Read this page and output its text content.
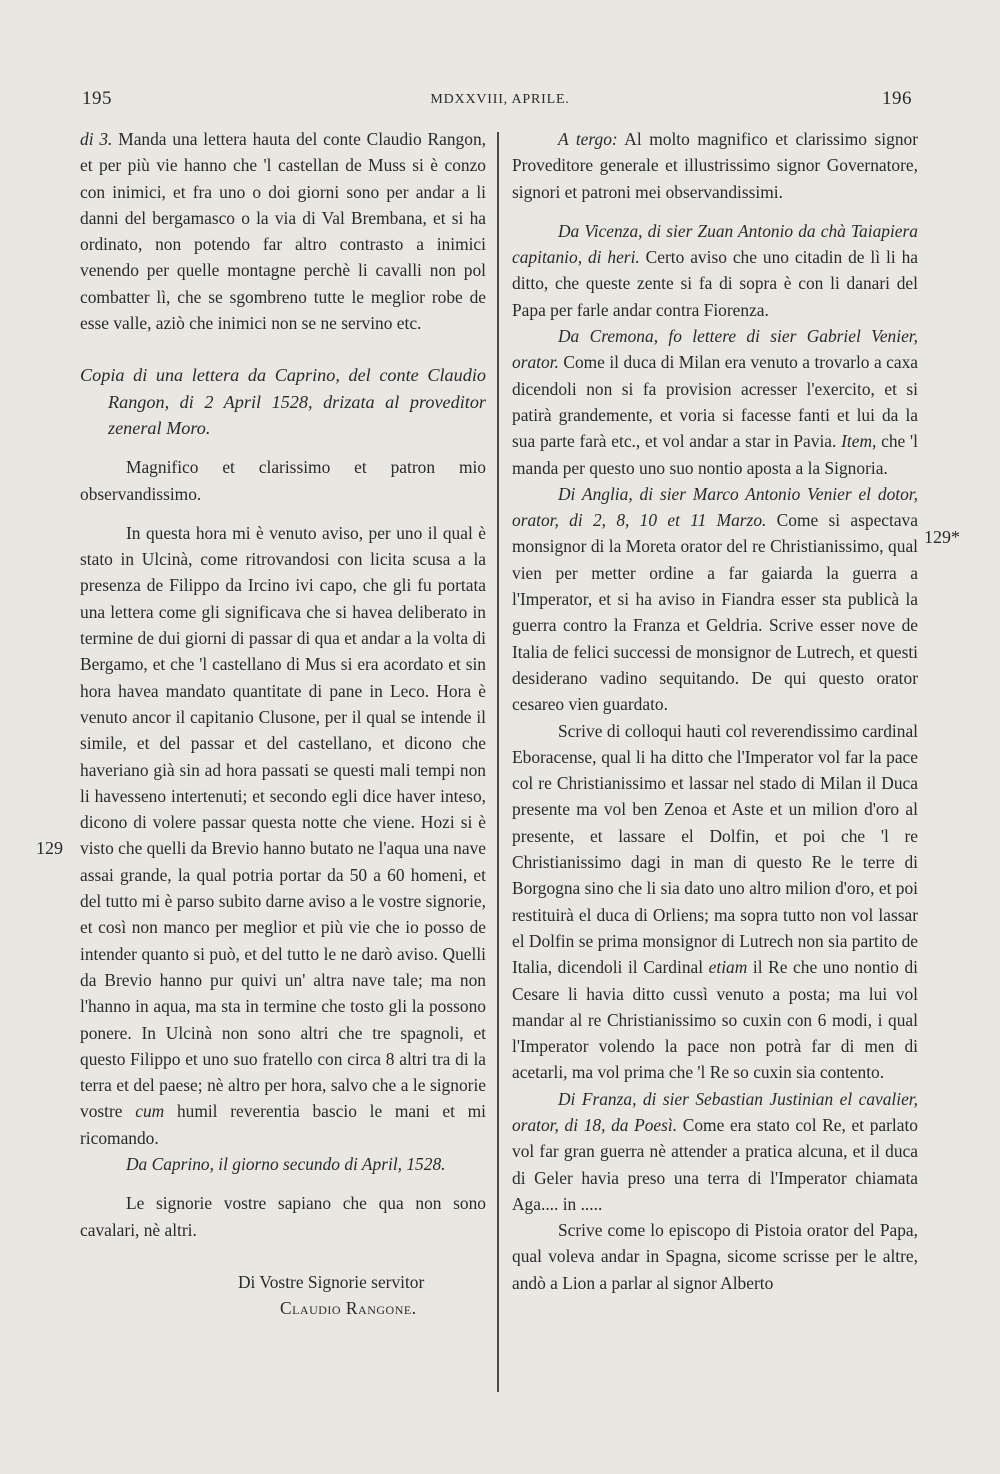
195	MDXXVIII, APRILE.	196
129
129*

di 3. Manda una lettera hauta del conte Claudio Rangon, et per più vie hanno che 'l castellan de Muss si è conzo con inimici, et fra uno o doi giorni sono per andar a li danni del bergamasco o la via di Val Brembana, et si ha ordinato, non potendo far altro contrasto a inimici venendo per quelle montagne perchè li cavalli non pol combatter lì, che se sgombreno tutte le meglior robe de esse valle, aziò che inimici non se ne servino etc.

Copia di una lettera da Caprino, del conte Claudio Rangon, di 2 April 1528, drizata al proveditor zeneral Moro.

Magnifico et clarissimo et patron mio observandissimo.

In questa hora mi è venuto aviso, per uno il qual è stato in Ulcinà, come ritrovandosi con licita scusa a la presenza de Filippo da Ircino ivi capo, che gli fu portata una lettera come gli significava che si havea deliberato in termine de dui giorni di passar di qua et andar a la volta di Bergamo, et che 'l castellano di Mus si era acordato et sin hora havea mandato quantitate di pane in Leco. Hora è venuto ancor il capitanio Clusone, per il qual se intende il simile, et del passar et del castellano, et dicono che haveriano già sin ad hora passati se questi mali tempi non li havesseno intertenuti; et secondo egli dice haver inteso, dicono di volere passar questa notte che viene. Hozi si è visto che quelli da Brevio hanno butato ne l'aqua una nave assai grande, la qual potria portar da 50 a 60 homeni, et del tutto mi è parso subito darne aviso a le vostre signorie, et così non manco per meglior et più vie che io posso de intender quanto si può, et del tutto le ne darò aviso. Quelli da Brevio hanno pur quivi un' altra nave tale; ma non l'hanno in aqua, ma sta in termine che tosto gli la possono ponere. In Ulcinà non sono altri che tre spagnoli, et questo Filippo et uno suo fratello con circa 8 altri tra di la terra et del paese; nè altro per hora, salvo che a le signorie vostre cum humil reverentia bascio le mani et mi ricomando.

Da Caprino, il giorno secundo di April, 1528.

Le signorie vostre sapiano che qua non sono cavalari, nè altri.

Di Vostre Signorie servitor

Claudio Rangone.

A tergo: Al molto magnifico et clarissimo signor Proveditore generale et illustrissimo signor Governatore, signori et patroni mei observandissimi.

Da Vicenza, di sier Zuan Antonio da chà Taiapiera capitanio, di heri. Certo aviso che uno citadin de lì li ha ditto, che queste zente si fa di sopra è con li danari del Papa per farle andar contra Fiorenza.

Da Cremona, fo lettere di sier Gabriel Venier, orator. Come il duca di Milan era venuto a trovarlo a caxa dicendoli non si fa provision acresser l'exercito, et si patirà grandemente, et voria si facesse fanti et lui da la sua parte farà etc., et vol andar a star in Pavia. Item, che 'l manda per questo uno suo nontio aposta a la Signoria.

Di Anglia, di sier Marco Antonio Venier el dotor, orator, di 2, 8, 10 et 11 Marzo. Come si aspectava monsignor di la Moreta orator del re Christianissimo, qual vien per metter ordine a far gaiarda la guerra a l'Imperator, et si ha aviso in Fiandra esser sta publicà la guerra contro la Franza et Geldria. Scrive esser nove de Italia de felici successi de monsignor de Lutrech, et questi desiderano vadino sequitando. De qui questo orator cesareo vien guardato.

Scrive di colloqui hauti col reverendissimo cardinal Eboracense, qual li ha ditto che l'Imperator vol far la pace col re Christianissimo et lassar nel stado di Milan il Duca presente ma vol ben Zenoa et Aste et un milion d'oro al presente, et lassare el Dolfin, et poi che 'l re Christianissimo dagi in man di questo Re le terre di Borgogna sino che li sia dato uno altro milion d'oro, et poi restituirà el duca di Orliens; ma sopra tutto non vol lassar el Dolfin se prima monsignor di Lutrech non sia partito de Italia, dicendoli il Cardinal etiam il Re che uno nontio di Cesare li havia ditto cussì venuto a posta; ma lui vol mandar al re Christianissimo so cuxin con 6 modi, i qual l'Imperator volendo la pace non potrà far di men di acetarli, ma vol prima che 'l Re so cuxin sia contento.

Di Franza, di sier Sebastian Justinian el cavalier, orator, di 18, da Poesì. Come era stato col Re, et parlato vol far gran guerra nè attender a pratica alcuna, et il duca di Geler havia preso una terra di l'Imperator chiamata Aga.... in .....

Scrive come lo episcopo di Pistoia orator del Papa, qual voleva andar in Spagna, sicome scrisse per le altre, andò a Lion a parlar al signor Alberto
